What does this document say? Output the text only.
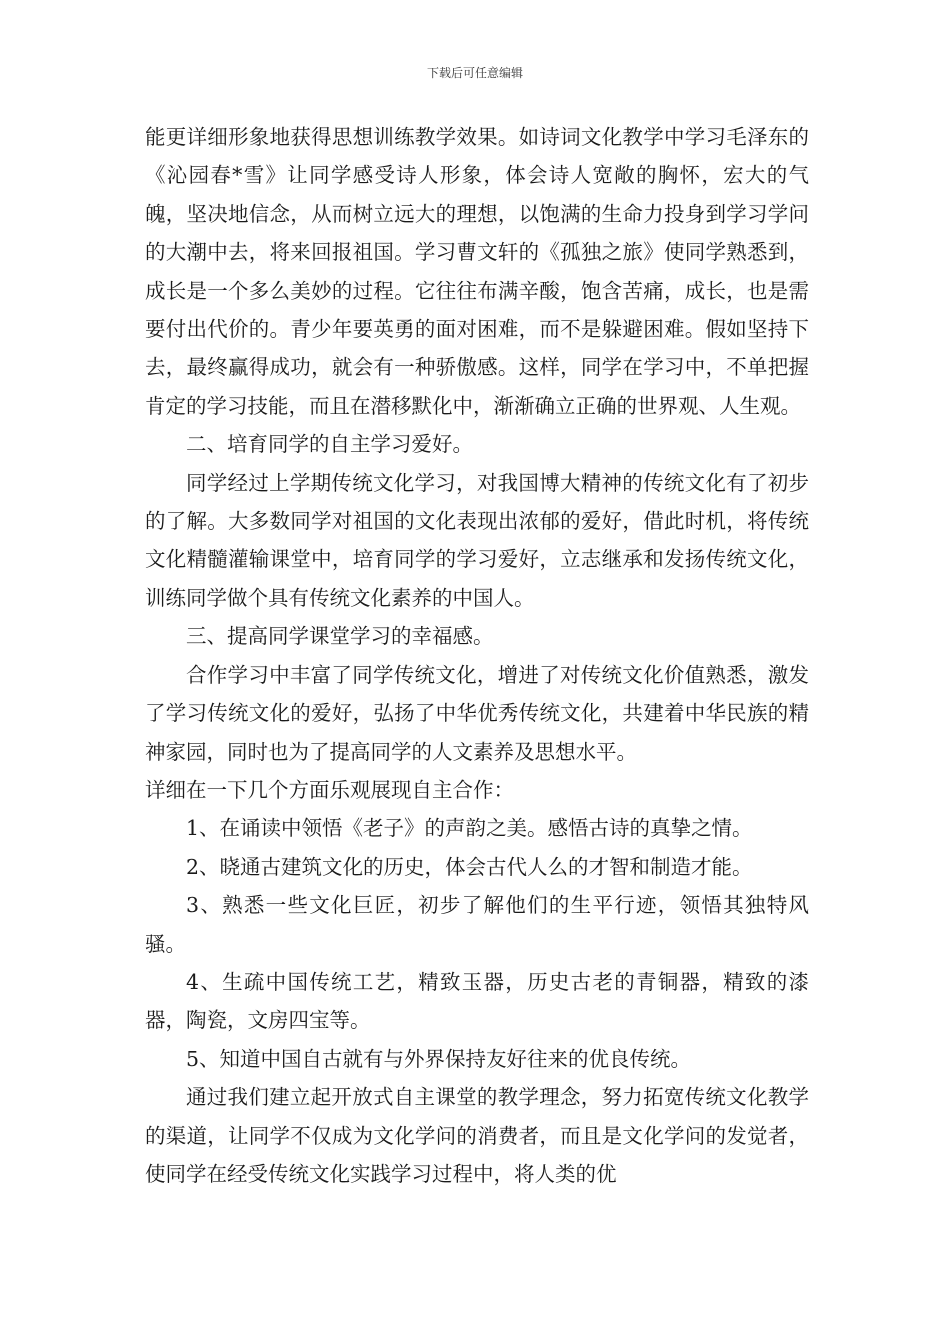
下载后可任意编辑

能更详细形象地获得思想训练教学效果。如诗词文化教学中学习毛泽东的《沁园春*雪》让同学感受诗人形象，体会诗人宽敞的胸怀，宏大的气魄，坚决地信念，从而树立远大的理想，以饱满的生命力投身到学习学问的大潮中去，将来回报祖国。学习曹文轩的《孤独之旅》使同学熟悉到，成长是一个多么美妙的过程。它往往布满辛酸，饱含苦痛，成长，也是需要付出代价的。青少年要英勇的面对困难，而不是躲避困难。假如坚持下去，最终赢得成功，就会有一种骄傲感。这样，同学在学习中，不单把握肯定的学习技能，而且在潜移默化中，渐渐确立正确的世界观、人生观。

二、培育同学的自主学习爱好。

同学经过上学期传统文化学习，对我国博大精神的传统文化有了初步的了解。大多数同学对祖国的文化表现出浓郁的爱好，借此时机，将传统文化精髓灌输课堂中，培育同学的学习爱好，立志继承和发扬传统文化，训练同学做个具有传统文化素养的中国人。

三、提高同学课堂学习的幸福感。

合作学习中丰富了同学传统文化，增进了对传统文化价值熟悉，激发了学习传统文化的爱好，弘扬了中华优秀传统文化，共建着中华民族的精神家园，同时也为了提高同学的人文素养及思想水平。

详细在一下几个方面乐观展现自主合作：

1、在诵读中领悟《老子》的声韵之美。感悟古诗的真挚之情。

2、晓通古建筑文化的历史，体会古代人么的才智和制造才能。

3、熟悉一些文化巨匠，初步了解他们的生平行迹，领悟其独特风骚。

4、生疏中国传统工艺，精致玉器，历史古老的青铜器，精致的漆器，陶瓷，文房四宝等。

5、知道中国自古就有与外界保持友好往来的优良传统。

通过我们建立起开放式自主课堂的教学理念，努力拓宽传统文化教学的渠道，让同学不仅成为文化学问的消费者，而且是文化学问的发觉者，使同学在经受传统文化实践学习过程中，将人类的优
